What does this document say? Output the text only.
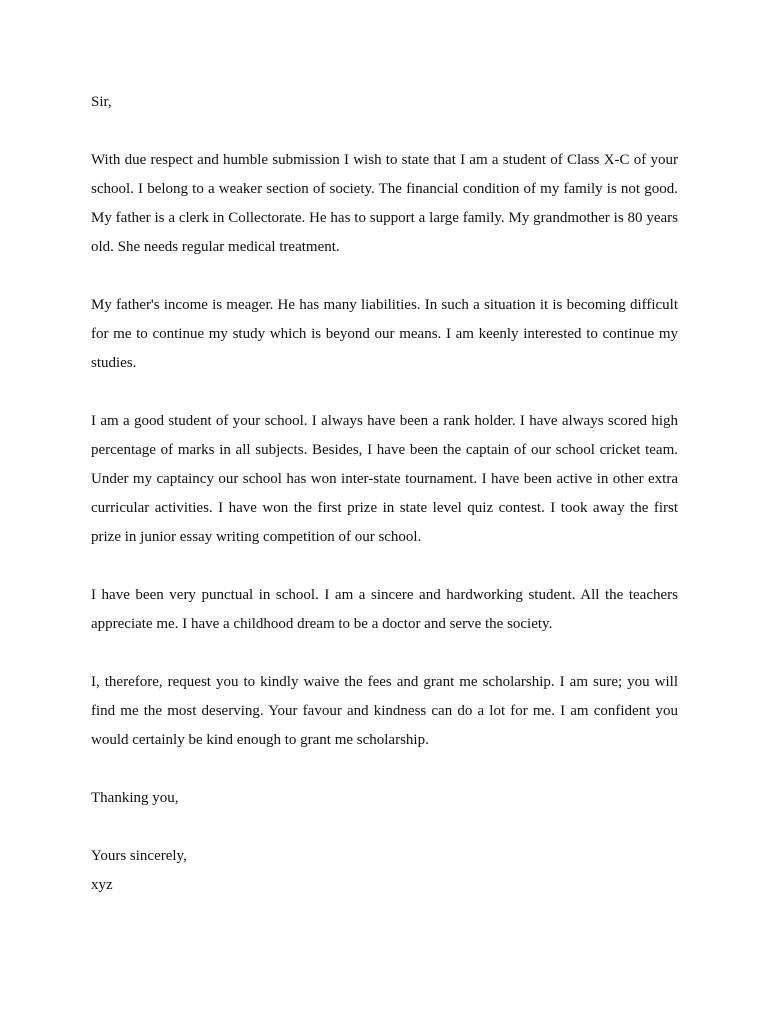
Sir,

With due respect and humble submission I wish to state that I am a student of Class X-C of your school. I belong to a weaker section of society. The financial condition of my family is not good. My father is a clerk in Collectorate. He has to support a large family. My grandmother is 80 years old. She needs regular medical treatment.

My father's income is meager. He has many liabilities. In such a situation it is becoming difficult for me to continue my study which is beyond our means. I am keenly interested to continue my studies.

I am a good student of your school. I always have been a rank holder. I have always scored high percentage of marks in all subjects. Besides, I have been the captain of our school cricket team. Under my captaincy our school has won inter-state tournament. I have been active in other extra curricular activities. I have won the first prize in state level quiz contest. I took away the first prize in junior essay writing competition of our school.

I have been very punctual in school. I am a sincere and hardworking student. All the teachers appreciate me. I have a childhood dream to be a doctor and serve the society.

I, therefore, request you to kindly waive the fees and grant me scholarship. I am sure; you will find me the most deserving. Your favour and kindness can do a lot for me. I am confident you would certainly be kind enough to grant me scholarship.

Thanking you,

Yours sincerely,

xyz
